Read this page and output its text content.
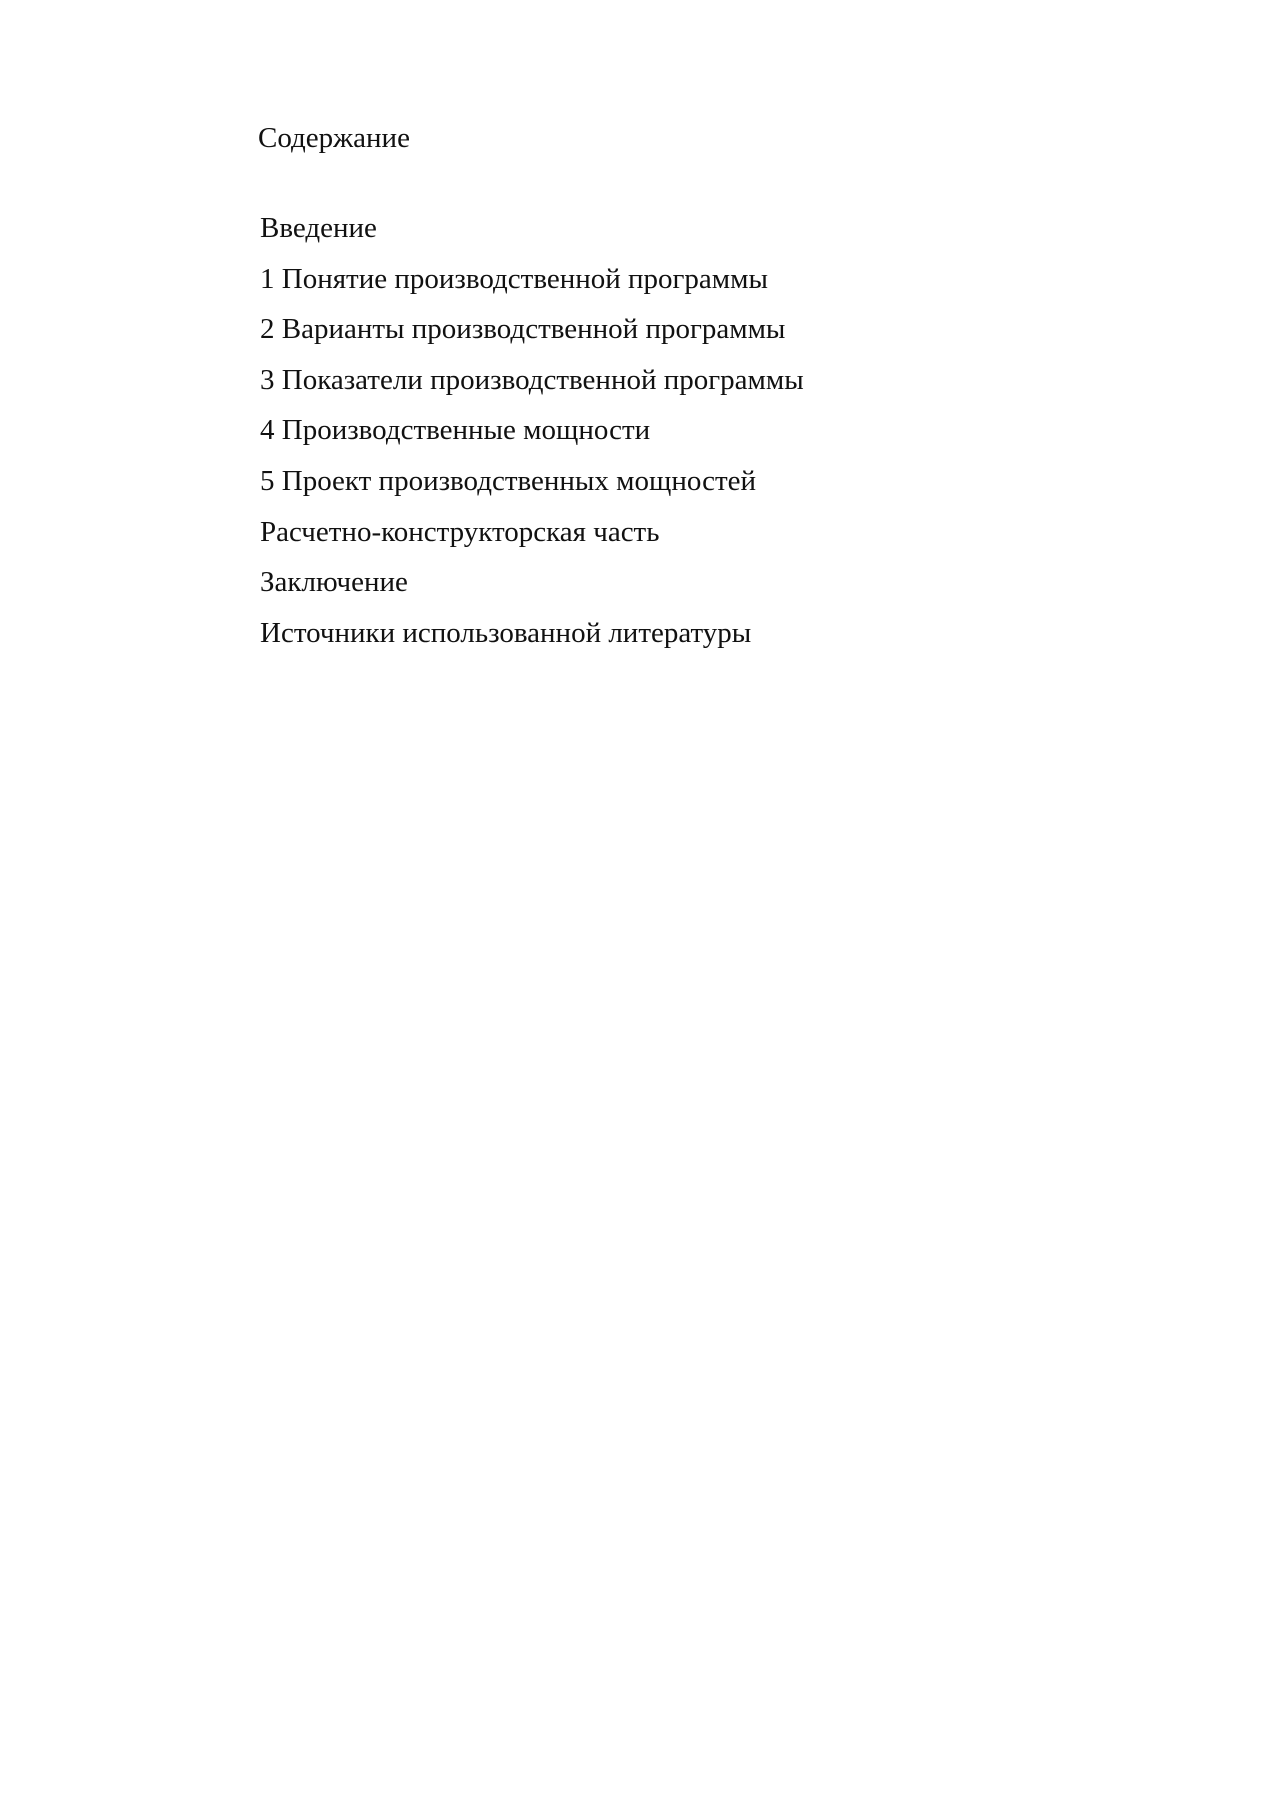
Содержание
Введение
1 Понятие производственной программы
2 Варианты производственной программы
3 Показатели производственной программы
4 Производственные мощности
5 Проект производственных мощностей
Расчетно-конструкторская часть
Заключение
Источники использованной литературы
